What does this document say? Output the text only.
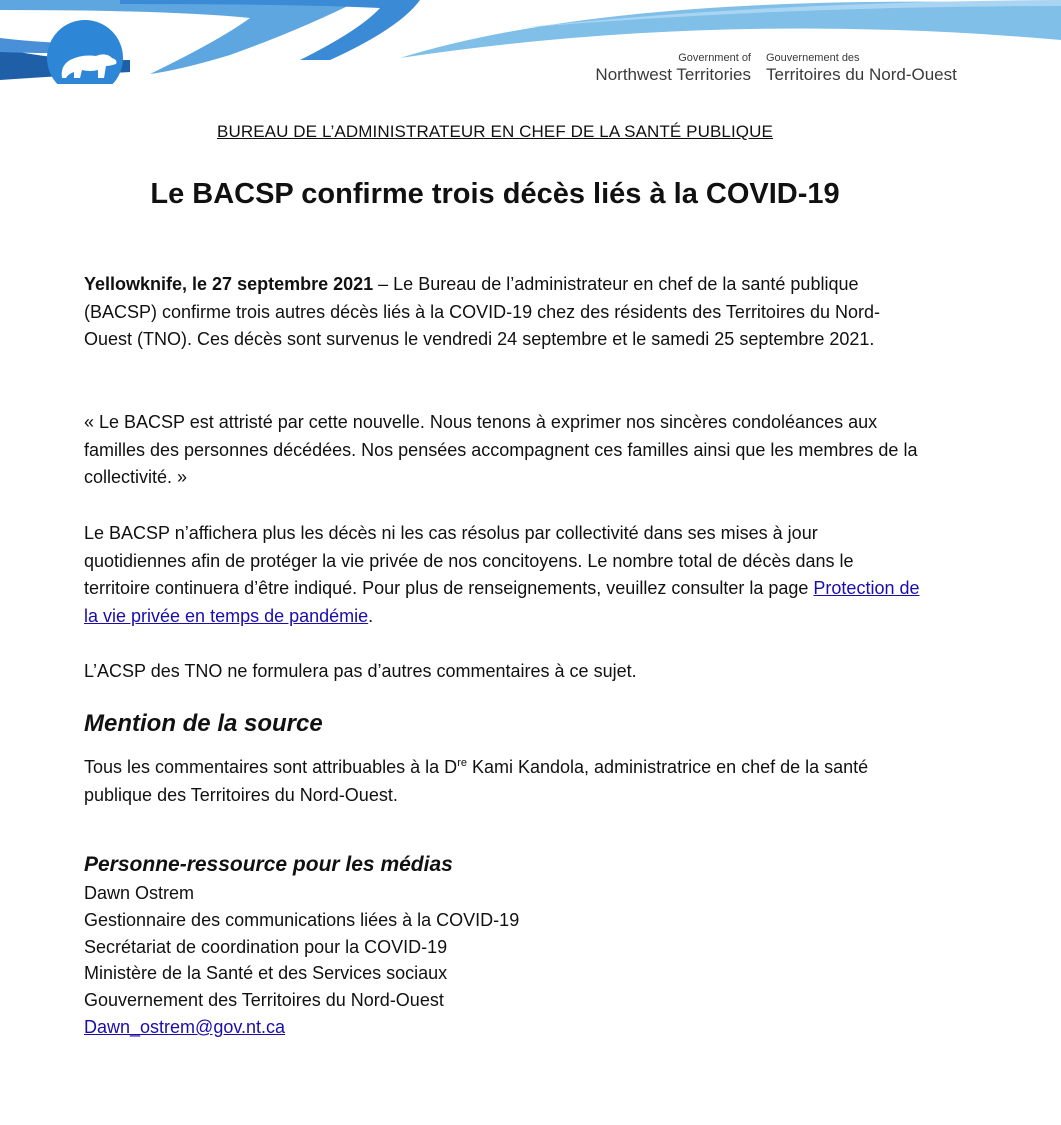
Government of
Northwest Territories
Gouvernement des
Territoires du Nord-Ouest
BUREAU DE L’ADMINISTRATEUR EN CHEF DE LA SANTÉ PUBLIQUE
Le BACSP confirme trois décès liés à la COVID-19

Yellowknife, le 27 septembre 2021 – Le Bureau de l’administrateur en chef de la santé publique (BACSP) confirme trois autres décès liés à la COVID-19 chez des résidents des Territoires du Nord-Ouest (TNO). Ces décès sont survenus le vendredi 24 septembre et le samedi 25 septembre 2021.

« Le BACSP est attristé par cette nouvelle. Nous tenons à exprimer nos sincères condoléances aux familles des personnes décédées. Nos pensées accompagnent ces familles ainsi que les membres de la collectivité. »

Le BACSP n’affichera plus les décès ni les cas résolus par collectivité dans ses mises à jour quotidiennes afin de protéger la vie privée de nos concitoyens. Le nombre total de décès dans le territoire continuera d’être indiqué. Pour plus de renseignements, veuillez consulter la page Protection de la vie privée en temps de pandémie.

L’ACSP des TNO ne formulera pas d’autres commentaires à ce sujet.

Mention de la source

Tous les commentaires sont attribuables à la Dre Kami Kandola, administratrice en chef de la santé publique des Territoires du Nord-Ouest.

Personne-ressource pour les médias
Dawn Ostrem
Gestionnaire des communications liées à la COVID-19
Secrétariat de coordination pour la COVID-19
Ministère de la Santé et des Services sociaux
Gouvernement des Territoires du Nord-Ouest
Dawn_ostrem@gov.nt.ca
